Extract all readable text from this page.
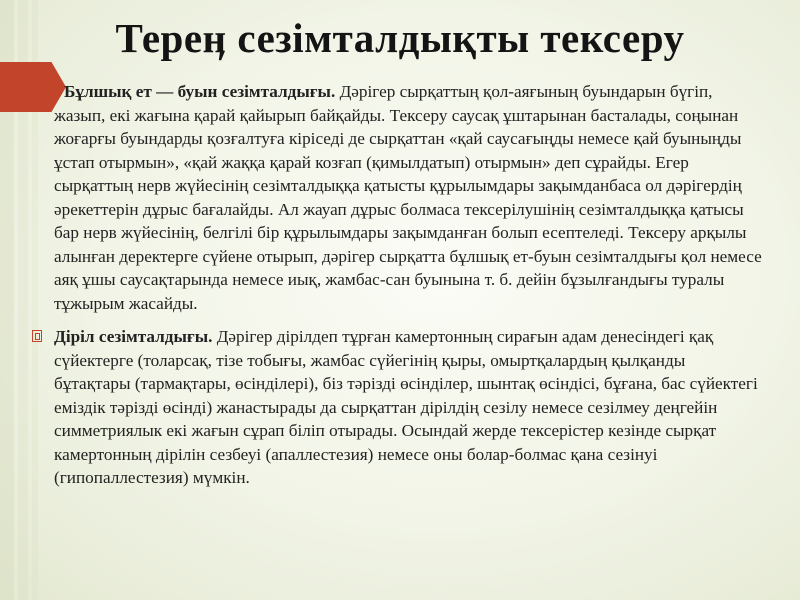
Тереӊ сезімталдықты тексеру

Бұлшық ет — буын сезімталдығы. Дәрігер сырқаттың қол-аяғының буындарын бүгіп, жазып, екі жағына қарай қайырып байқайды. Тексеру саусақ ұштарынан басталады, соңынан жоғарғы буындарды қозғалтуға кіріседі де сырқаттан «қай саусағыңды немесе қай буыныңды ұстап отырмын», «қай жаққа қарай козғап (қимылдатып) отырмын» деп сұрайды. Егер сырқаттың нерв жүйесінің сезімталдыққа қатысты құрылымдары зақымданбаса ол дәрігердің әрекеттерін дұрыс бағалайды. Ал жауап дұрыс болмаса тексерілушінің сезімталдыққа қатысы бар нерв жүйесінің, белгілі бір құрылымдары зақымданған болып есептеледі. Тексеру арқылы алынған деректерге сүйене отырып, дәрігер сырқатта бұлшық ет-буын сезімталдығы қол немесе аяқ ұшы саусақтарында немесе иық, жамбас-сан буынына т. б. дейін бұзылғандығы туралы тұжырым жасайды.

Діріл сезімталдығы. Дәрігер дірілдеп тұрған камертонның сирағын адам денесіндегі қақ сүйектерге (толарсақ, тізе тобығы, жамбас сүйегінің қыры, омыртқалардың қылқанды бұтақтары (тармақтары, өсінділері), біз тәрізді өсінділер, шынтақ өсіндісі, бұғана, бас сүйектегі еміздік тәрізді өсінді) жанастырады да сырқаттан дірілдің сезілу немесе сезілмеу деңгейін симметриялык екі жағын сұрап біліп отырады. Осындай жерде тексерістер кезінде сырқат камертонның дірілін сезбеуі (апаллестезия) немесе оны болар-болмас қана сезінуі (гипопаллестезия) мүмкін.
